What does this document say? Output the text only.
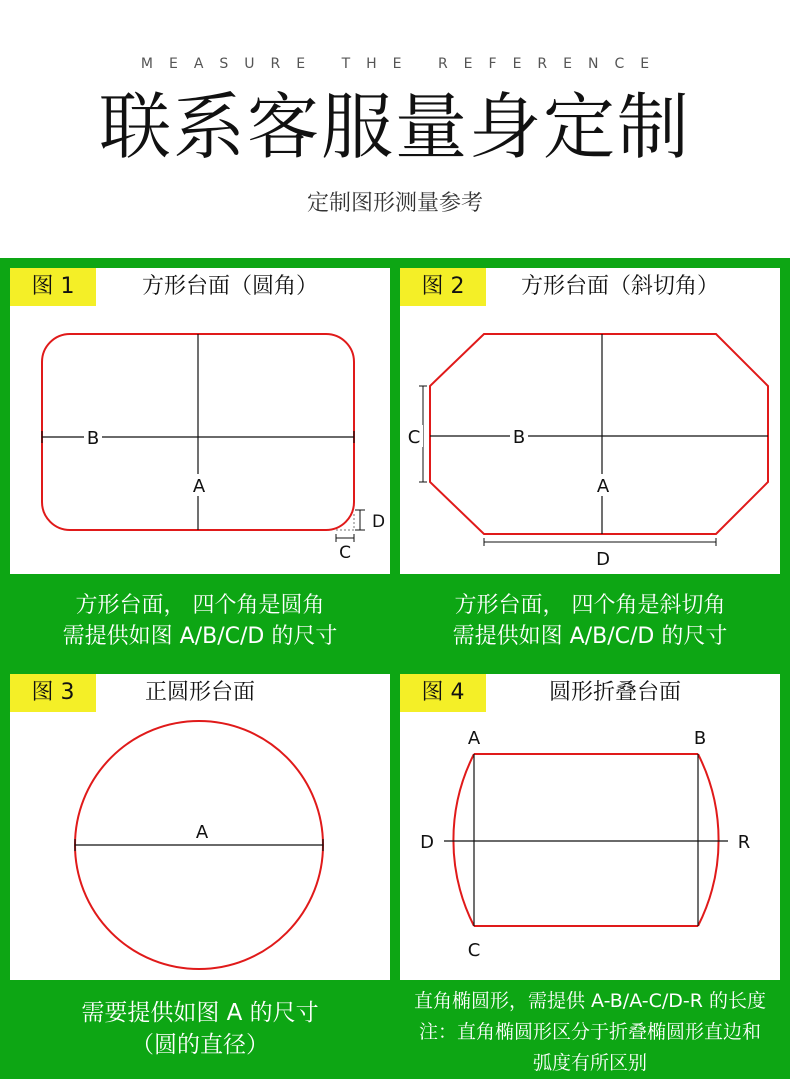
MEASURE THE REFERENCE
联系客服量身定制
定制图形测量参考
图 1	方形台面（圆角）
B
A
D
C
图 2	方形台面（斜切角）
B
A
C
D
方形台面， 四个角是圆角
需提供如图 A/B/C/D 的尺寸
方形台面， 四个角是斜切角
需提供如图 A/B/C/D 的尺寸
图 3	正圆形台面
A
图 4	圆形折叠台面
A	B
C
D	R
需要提供如图 A 的尺寸
（圆的直径）
直角椭圆形，需提供 A-B/A-C/D-R 的长度
注：直角椭圆形区分于折叠椭圆形直边和
弧度有所区别
